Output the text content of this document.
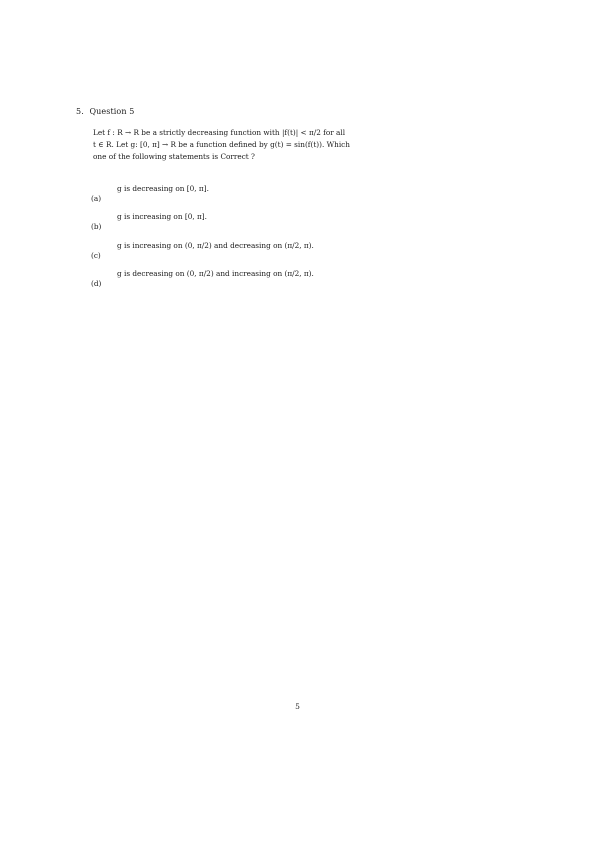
5. Question 5
Let f : R → R be a strictly decreasing function with |f(t)| < π/2 for all
t ∈ R. Let g: [0, π] → R be a function defined by g(t) = sin(f(t)). Which
one of the following statements is Correct ?
(a)
g is decreasing on [0, π].
(b)
g is increasing on [0, π].
(c)
g is increasing on (0, π/2) and decreasing on (π/2, π).
(d)
g is decreasing on (0, π/2) and increasing on (π/2, π).
5
